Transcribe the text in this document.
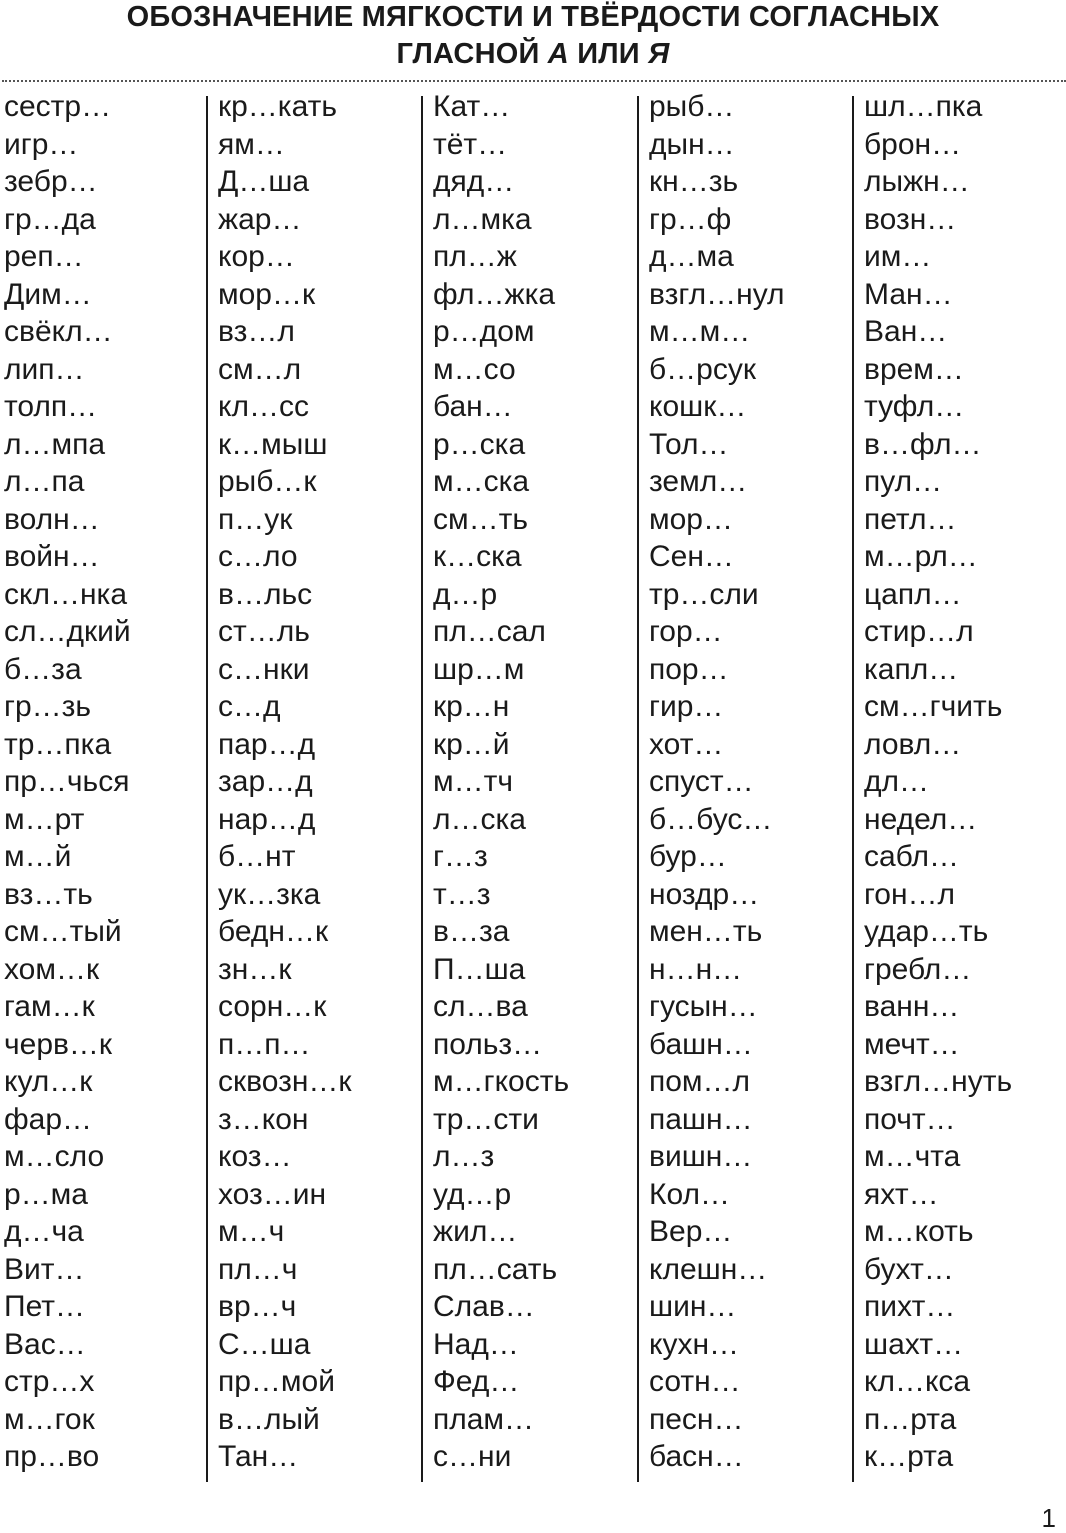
ОБОЗНАЧЕНИЕ МЯГКОСТИ И ТВЁРДОСТИ СОГЛАСНЫХ
ГЛАСНОЙ А ИЛИ Я
сестр…
игр…
зебр…
гр…да
реп…
Дим…
свёкл…
лип…
толп…
л…мпа
л…па
волн…
войн…
скл…нка
сл…дкий
б…за
гр…зь
тр…пка
пр…чься
м…рт
м…й
вз…ть
см…тый
хом…к
гам…к
черв…к
кул…к
фар…
м…сло
р…ма
д…ча
Вит…
Пет…
Вас…
стр…х
м…гок
пр…во
кр…кать
ям…
Д…ша
жар…
кор…
мор…к
вз…л
см…л
кл…сс
к…мыш
рыб…к
п…ук
с…ло
в…льс
ст…ль
с…нки
с…д
пар…д
зар…д
нар…д
б…нт
ук…зка
бедн…к
зн…к
сорн…к
п…п…
сквозн…к
з…кон
коз…
хоз…ин
м…ч
пл…ч
вр…ч
С…ша
пр…мой
в…лый
Тан…
Кат…
тёт…
дяд…
л…мка
пл…ж
фл…жка
р…дом
м…со
бан…
р…ска
м…ска
см…ть
к…ска
д…р
пл…сал
шр…м
кр…н
кр…й
м…тч
л…ска
г…з
т…з
в…за
П…ша
сл…ва
польз…
м…гкость
тр…сти
л…з
уд…р
жил…
пл…сать
Слав…
Над…
Фед…
плам…
с…ни
рыб…
дын…
кн…зь
гр…ф
д…ма
взгл…нул
м…м…
б…рсук
кошк…
Тол…
земл…
мор…
Сен…
тр…сли
гор…
пор…
гир…
хот…
спуст…
б…бус…
бур…
ноздр…
мен…ть
н…н…
гусын…
башн…
пом…л
пашн…
вишн…
Кол…
Вер…
клешн…
шин…
кухн…
сотн…
песн…
басн…
шл…пка
брон…
лыжн…
возн…
им…
Ман…
Ван…
врем…
туфл…
в…фл…
пул…
петл…
м…рл…
цапл…
стир…л
капл…
см…гчить
ловл…
дл…
недел…
сабл…
гон…л
удар…ть
гребл…
ванн…
мечт…
взгл…нуть
почт…
м…чта
яхт…
м…коть
бухт…
пихт…
шахт…
кл…кса
п…рта
к…рта
1
